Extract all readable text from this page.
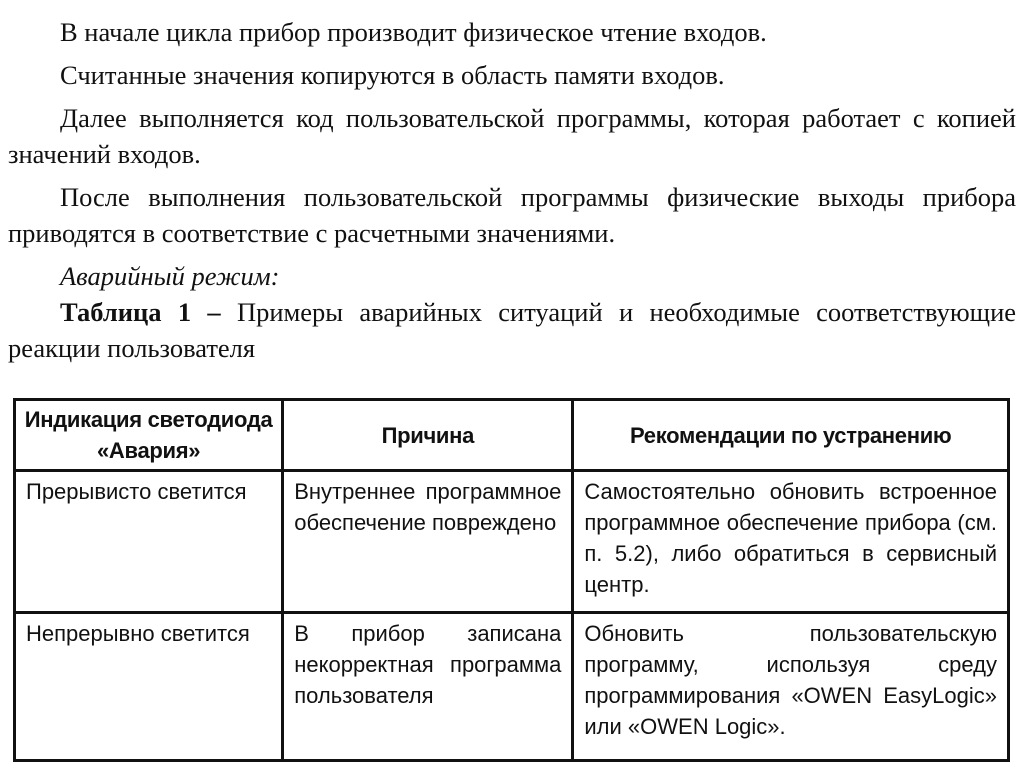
В начале цикла прибор производит физическое чтение входов.

Считанные значения копируются в область памяти входов.

Далее выполняется код пользовательской программы, которая работает с копией значений входов.

После выполнения пользовательской программы физические выходы прибора приводятся в соответствие с расчетными значениями.

Аварийный режим:

Таблица 1 – Примеры аварийных ситуаций и необходимые соответствующие реакции пользователя

Индикация светодиода «Авария»	Причина	Рекомендации по устранению
Прерывисто светится	Внутреннее программное обеспечение повреждено	Самостоятельно обновить встроенное программное обеспечение прибора (см. п. 5.2), либо обратиться в сервисный центр.
Непрерывно светится	В прибор записана некорректная программа пользователя	Обновить пользовательскую программу, используя среду программирования «OWEN EasyLogic» или «OWEN Logic».
